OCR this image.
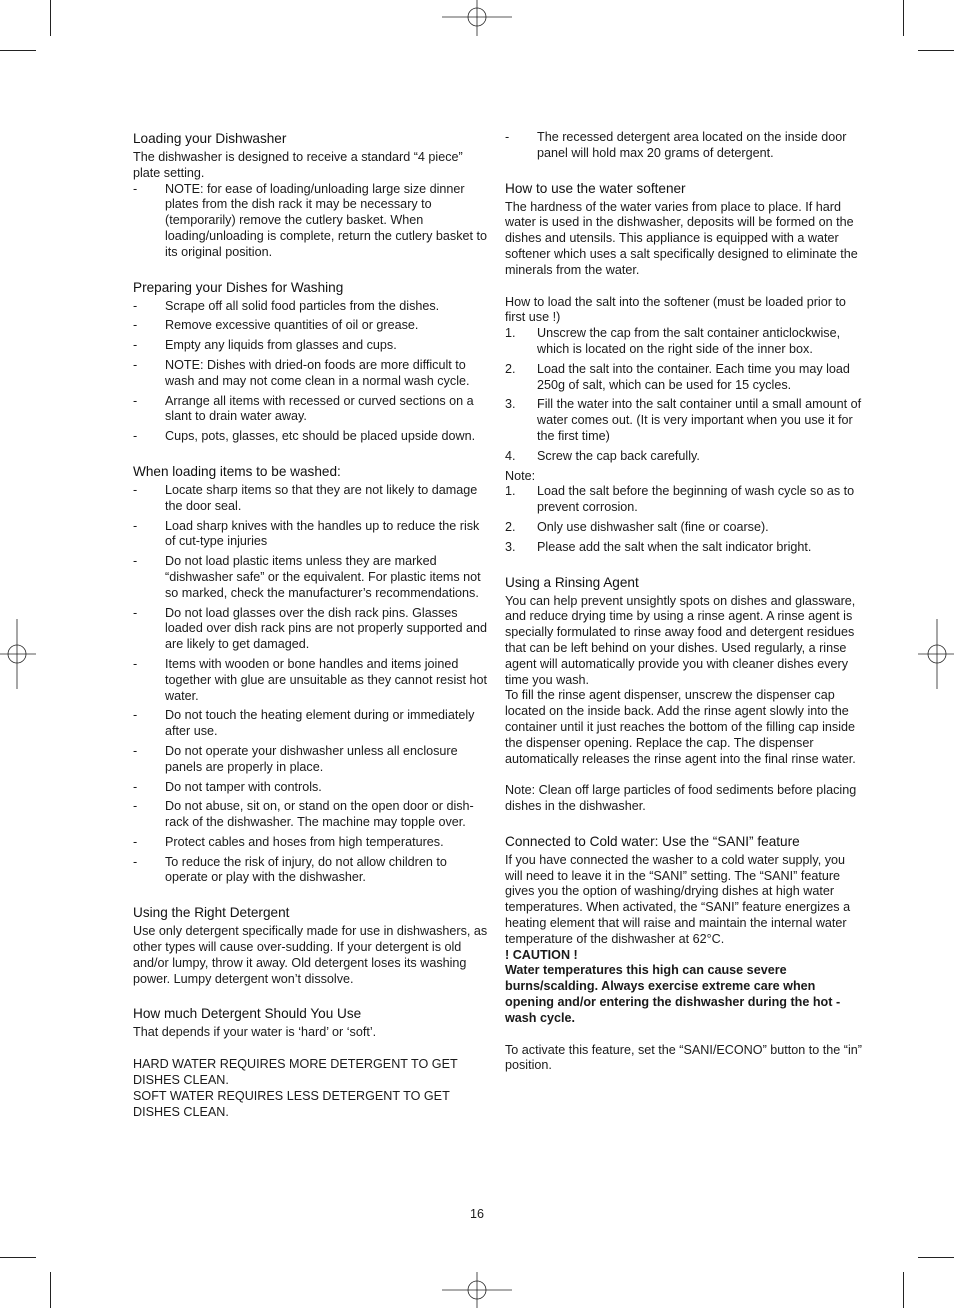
Loading your Dishwasher

The dishwasher is designed to receive a standard “4 piece” plate setting.

- NOTE: for ease of loading/unloading large size dinner plates from the dish rack it may be necessary to (temporarily) remove the cutlery basket. When loading/unloading is complete, return the cutlery basket to its original position.
Preparing your Dishes for Washing
- Scrape off all solid food particles from the dishes.
- Remove excessive quantities of oil or grease.
- Empty any liquids from glasses and cups.
- NOTE: Dishes with dried-on foods are more difficult to wash and may not come clean in a normal wash cycle.
- Arrange all items with recessed or curved sections on a slant to drain water away.
- Cups, pots, glasses, etc should be placed upside down.
When loading items to be washed:
- Locate sharp items so that they are not likely to damage the door seal.
- Load sharp knives with the handles up to reduce the risk of cut-type injuries
- Do not load plastic items unless they are marked “dishwasher safe” or the equivalent. For plastic items not so marked, check the manufacturer’s recommendations.
- Do not load glasses over the dish rack pins. Glasses loaded over dish rack pins are not properly supported and are likely to get damaged.
- Items with wooden or bone handles and items joined together with glue are unsuitable as they cannot resist hot water.
- Do not touch the heating element during or immediately after use.
- Do not operate your dishwasher unless all enclosure panels are properly in place.
- Do not tamper with controls.
- Do not abuse, sit on, or stand on the open door or dish-rack of the dishwasher. The machine may topple over.
- Protect cables and hoses from high temperatures.
- To reduce the risk of injury, do not allow children to operate or play with the dishwasher.
Using the Right Detergent

Use only detergent specifically made for use in dishwashers, as other types will cause over-sudding. If your detergent is old and/or lumpy, throw it away. Old detergent loses its washing power. Lumpy detergent won’t dissolve.

How much Detergent Should You Use

That depends if your water is ‘hard’ or ‘soft’.

HARD WATER REQUIRES MORE DETERGENT TO GET DISHES CLEAN.

SOFT WATER REQUIRES LESS DETERGENT TO GET DISHES CLEAN.

- The recessed detergent area located on the inside door panel will hold max 20 grams of detergent.
How to use the water softener

The hardness of the water varies from place to place. If hard water is used in the dishwasher, deposits will be formed on the dishes and utensils. This appliance is equipped with a water softener which uses a salt specifically designed to eliminate the minerals from the water.

How to load the salt into the softener (must be loaded prior to first use !)

1. Unscrew the cap from the salt container anticlockwise, which is located on the right side of the inner box.
2. Load the salt into the container. Each time you may load 250g of salt, which can be used for 15 cycles.
3. Fill the water into the salt container until a small amount of water comes out. (It is very important when you use it for the first time)
4. Screw the cap back carefully.

Note:

1. Load the salt before the beginning of wash cycle so as to prevent corrosion.
2. Only use dishwasher salt (fine or coarse).
3. Please add the salt when the salt indicator bright.
Using a Rinsing Agent

You can help prevent unsightly spots on dishes and glassware, and reduce drying time by using a rinse agent. A rinse agent is specially formulated to rinse away food and detergent residues that can be left behind on your dishes. Used regularly, a rinse agent will automatically provide you with cleaner dishes every time you wash.

To fill the rinse agent dispenser, unscrew the dispenser cap located on the inside back. Add the rinse agent slowly into the container until it just reaches the bottom of the filling cap inside the dispenser opening. Replace the cap. The dispenser automatically releases the rinse agent into the final rinse water.

Note: Clean off large particles of food sediments before placing dishes in the dishwasher.

Connected to Cold water: Use the “SANI” feature

If you have connected the washer to a cold water supply, you will need to leave it in the “SANI” setting. The “SANI” feature gives you the option of washing/drying dishes at high water temperatures. When activated, the “SANI” feature energizes a heating element that will raise and maintain the internal water temperature of the dishwasher at 62°C.

! CAUTION !

Water temperatures this high can cause severe burns/scalding. Always exercise extreme care when opening and/or entering the dishwasher during the hot - wash cycle.

To activate this feature, set the “SANI/ECONO” button to the “in” position.

16
